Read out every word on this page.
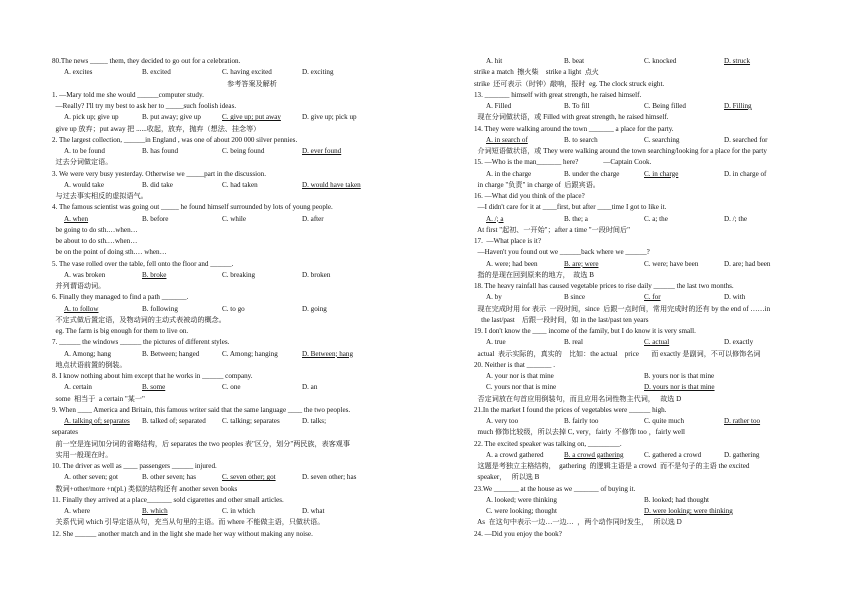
80.The news _____ them, they decided to go out for a celebration.
A. excites	B. excited	C. having excited	D. exciting
参考答案及解析
1. —Mary told me she would ______computer study.
—Really? I'll try my best to ask her to _____such foolish ideas.
A. pick up; give up	B. put away; give up	C. give up; put away	D. give up; pick up
give up 放弃；put away 把 ......收起，放弃，抛弃（想法、挂念等）
2. The largest collection, ______in England , was one of about 200 000 silver pennies.
A. to be found	B. has found	C. being found	D. ever found
过去分词做定语。
3. We were very busy yesterday. Otherwise we _____part in the discussion.
A. would take	B. did take	C. had taken	D. would have taken
与过去事实相反的虚拟语气。
4. The famous scientist was going out _____ he found himself surrounded by lots of young people.
A. when	B. before	C. while	D. after
be going to do sth.…when…
be about to do sth.…when…
be on the point of doing sth.… when…
5. The vase rolled over the table, fell onto the floor and ______.
A. was broken	B. broke	C. breaking	D. broken
并列谓语动词。
6. Finally they managed to find a path _______.
A. to follow	B. following	C. to go	D. going
不定式做后置定语，及物动词的主动式表被动的概念。
eg. The farm is big enough for them to live on.
7. ______ the windows ______ the pictures of different styles.
A. Among; hang	B. Between; hanged	C. Among; hanging	D. Between; hang
地点状语前置的倒装。
8. I know nothing about him except that he works in ______ company.
A. certain	B. some	C. one	D. an
some  相当于  a certain "某一"
9. When ____ America and Britain, this famous writer said that the same language ____ the two peoples.
A. talking of; separates B. talked of; separated C. talking; separates	D. talks;
separates
前一空是连词加分词的省略结构，后 separates the two peoples 表"区分，划分"两民族，表客观事
实用一般现在时。
10. The driver as well as ____ passengers ______ injured.
A. other seven; got	B. other seven; has	C. seven other; got	D. seven other; has
数词+other/more +n(pl.) 类似的结构还有 another seven books
11. Finally they arrived at a place_______ sold cigarettes and other small articles.
A. where	B. which	C. in which	D. what
关系代词 which 引导定语从句，充当从句里的主语。而 where 不能做主语，只做状语。
12. She ______ another match and in the light she made her way without making any noise.
A. hit	B. beat	C. knocked	D. struck
strike a match  擦火柴    strike a light  点火
strike  还可表示（时钟）敲响，报时  eg. The clock struck eight.
13. _______ himself with great strength, he raised himself.
A. Filled	B. To fill	C. Being filled	D. Filling
现在分词做状语，或 Filled with great strength, he raised himself.
14. They were walking around the town _______ a place for the party.
A. in search of	B. to search	C. searching	D. searched for
介词短语做状语，或 They were walking around the town searching/looking for a place for the party
15. —Who is the man_______ here?              —Captain Cook.
A. in the charge	B. under the charge	C. in charge	D. in charge of
in charge "负责" in charge of  后跟宾语。
16. —What did you think of the place?
—I didn't care for it at ____first, but after ____time I got to like it.
A. /; a	B. the; a	C. a; the	D. /; the
At first "起初、一开始"；after a time "一段时间后"
17.  —What place is it?
—Haven't you found out we ______back where we ______?
A. were; had been	B. are; were	C. were; have been	D. are; had been
指的是现在回到原来的地方，  故选 B
18. The heavy rainfall has caused vegetable prices to rise daily ______ the last two months.
A. by	B since	C. for	D. with
现在完成时用 for 表示  一段时间，since  后跟一点时间，常用完成时的还有 by the end of ……in
the last/past    后跟一段时间，如 in the last/past ten years
19. I don't know the ____ income of the family, but I do know it is very small.
A. true	B. real	C. actual	D. exactly
actual  表示实际的，真实的    比如：the actual    price       而 exactly 是副词，不可以修饰名词
20. Neither is that _______ .
A. your nor is that mine	B. yours nor is that mine
C. yours nor that is mine	D. yours nor is that mine
否定词放在句首应用倒装句，而且应用名词性物主代词，   故选 D
21.In the market I found the prices of vegetables were ______ high.
A. very too	B. fairly too	C. quite much	D. rather too
much 修饰比较级，所以去掉 C, very，fairly  不修饰 too ，fairly well
22. The excited speaker was talking on, _________.
A. a crowd gathered	B. a crowd gathering	C. gathered a crowd	D. gathering
这题是考独立主格结构，  gathering  的逻辑主语是 a crowd  而不是句子的主语 the excited
speaker，   所以选 B
23.We _______ at the house as we _______ of buying it.
A. looked; were thinking	B. looked; had thought
C. were looking; thought	D. were looking; were thinking
As  在这句中表示一边…一边…  ，两个动作同时发生，   所以选 D
24. —Did you enjoy the book?
